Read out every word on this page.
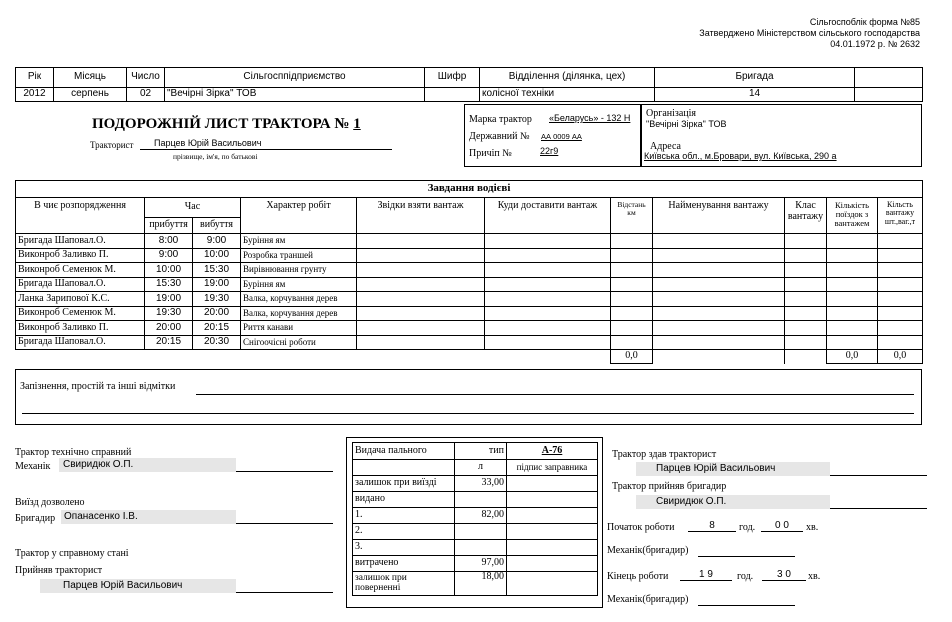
Сільгоспоблік форма №85
Затверджено Міністерством сільського господарства
04.01.1972 р. № 2632
Рік	Місяць	Число	Сільгосппідприємство	Шифр	Відділення (ділянка, цех)	Бригада	
2012	серпень	02	"Вечірні Зірка" ТОВ		колісної техніки	14	
ПОДОРОЖНІЙ ЛИСТ ТРАКТОРА № 1
Тракторист	Парцев Юрій Васильович
прізвище, ім'я, по батькові
Марка трактор «Беларусь» - 132 Н
Державний № АА 0009 АА
Причіп №	22г9
Організація
"Вечірні Зірка" ТОВ
Адреса
Київська обл., м.Бровари, вул. Київська, 290 а
Завдання водієві										
В чиє розпорядження	Час		Характер робіт	Звідки взяти вантаж	Куди доставити вантаж	Відстань км	Найменування вантажу	Клас вантажу	Кількість поїздок з вантажем	Кільсть вантажу шт.,ваг.,т
	прибуття	вибуття								
Бригада Шаповал.О.	8:00	9:00	Буріння ям							
Виконроб Заливко П.	9:00	10:00	Розробка траншей							
Виконроб Семенюк М.	10:00	15:30	Вирівнювання грунту							
Бригада Шаповал.О.	15:30	19:00	Буріння ям							
Ланка Зарипової К.С.	19:00	19:30	Валка, корчування дерев							
Виконроб Семенюк М.	19:30	20:00	Валка, корчування дерев							
Виконроб Заливко П.	20:00	20:15	Риття канави							
Бригада Шаповал.О.	20:15	20:30	Снігоочісні роботи							
						0,0			0,0	0,0
Запізнення, простій та інші відмітки
Трактор технічно справний
Механік	Свиридюк О.П.
Виїзд дозволено
Бригадир Опанасенко І.В.
Трактор у справному стані
Прийняв тракторист
Парцев Юрій Васильович
Видача пального	тип	А-76
	л	підпис заправника
залишок при виїзді	33,00	
видано		
1.	82,00	
2.		
3.		
витрачено	97,00	
залишок при поверненні	18,00	
Трактор здав тракторист
Парцев Юрій Васильович
Трактор прийняв бригадир
Свиридюк О.П.
Початок роботи	8	год.	0 0	хв.
Механік(бригадир)
Кінець роботи	1 9	год.	3 0	хв.
Механік(бригадир)
